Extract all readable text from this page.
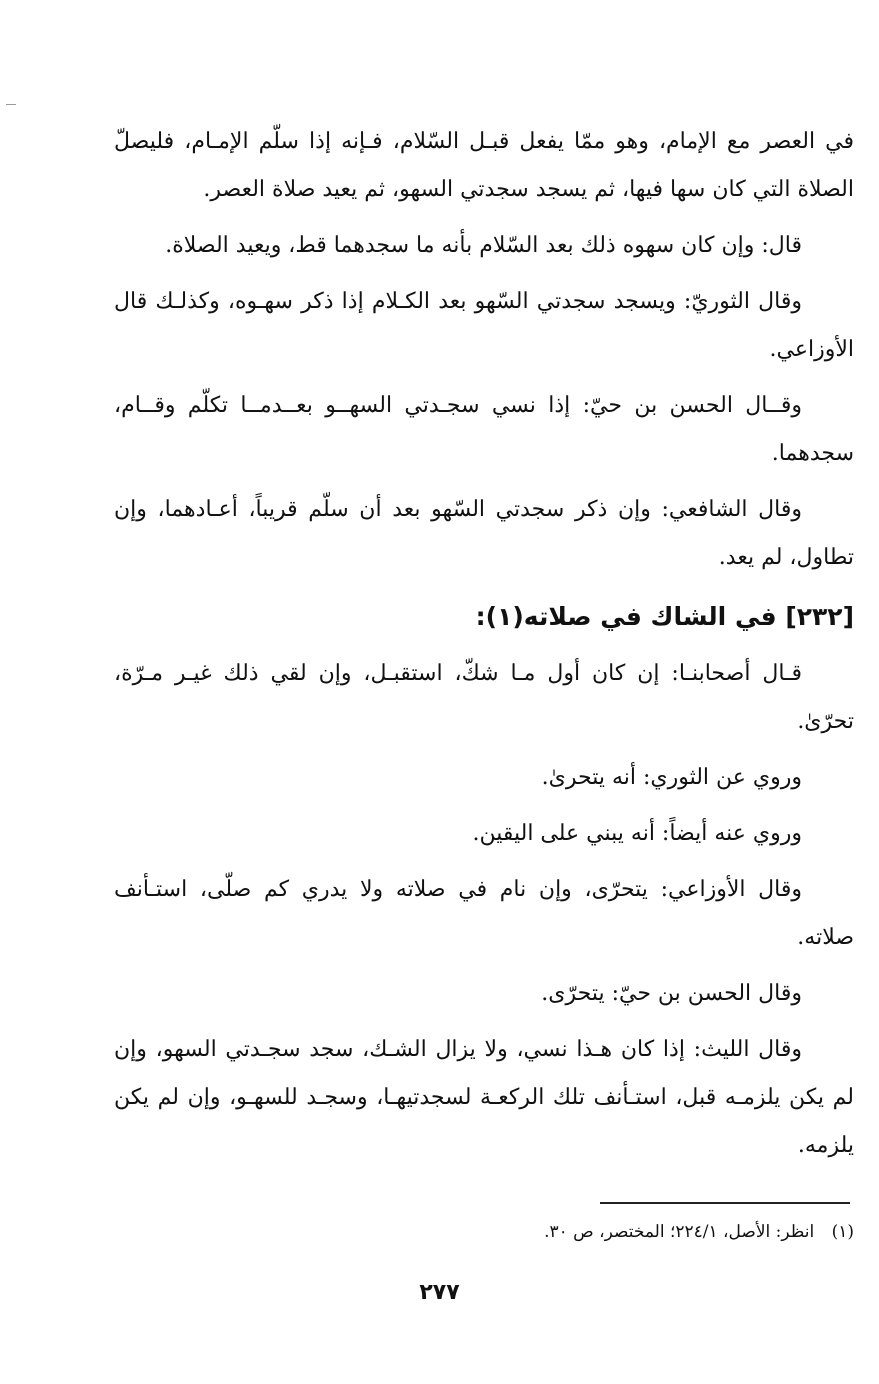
في العصر مع الإمام، وهو ممّا يفعل قبـل السّلام، فـإنه إذا سلّم الإمـام، فليصلّ الصلاة التي كان سها فيها، ثم يسجد سجدتي السهو، ثم يعيد صلاة العصر.

قال: وإن كان سهوه ذلك بعد السّلام بأنه ما سجدهما قط، ويعيد الصلاة.

وقال الثوريّ: ويسجد سجدتي السّهو بعد الكـلام إذا ذكر سهـوه، وكذلـك قال الأوزاعي.

وقــال الحسن بن حيّ: إذا نسي سجـدتي السهــو بعــدمــا تكلّم وقــام، سجدهما.

وقال الشافعي: وإن ذكر سجدتي السّهو بعد أن سلّم قريباً، أعـادهما، وإن تطاول، لم يعد.

[٢٣٢] في الشاك في صلاته(١):

قـال أصحابنـا: إن كان أول مـا شكّ، استقبـل، وإن لقي ذلك غيـر مـرّة، تحرّىٰ.

وروي عن الثوري: أنه يتحرىٰ.

وروي عنه أيضاً: أنه يبني على اليقين.

وقال الأوزاعي: يتحرّى، وإن نام في صلاته ولا يدري كم صلّى، استـأنف صلاته.

وقال الحسن بن حيّ: يتحرّى.

وقال الليث: إذا كان هـذا نسي، ولا يزال الشـك، سجد سجـدتي السهو، وإن لم يكن يلزمـه قبل، استـأنف تلك الركعـة لسجدتيهـا، وسجـد للسهـو، وإن لم يكن يلزمه.

(١) انظر: الأصل، ٢٢٤/١؛ المختصر، ص ٣٠.
٢٧٧
